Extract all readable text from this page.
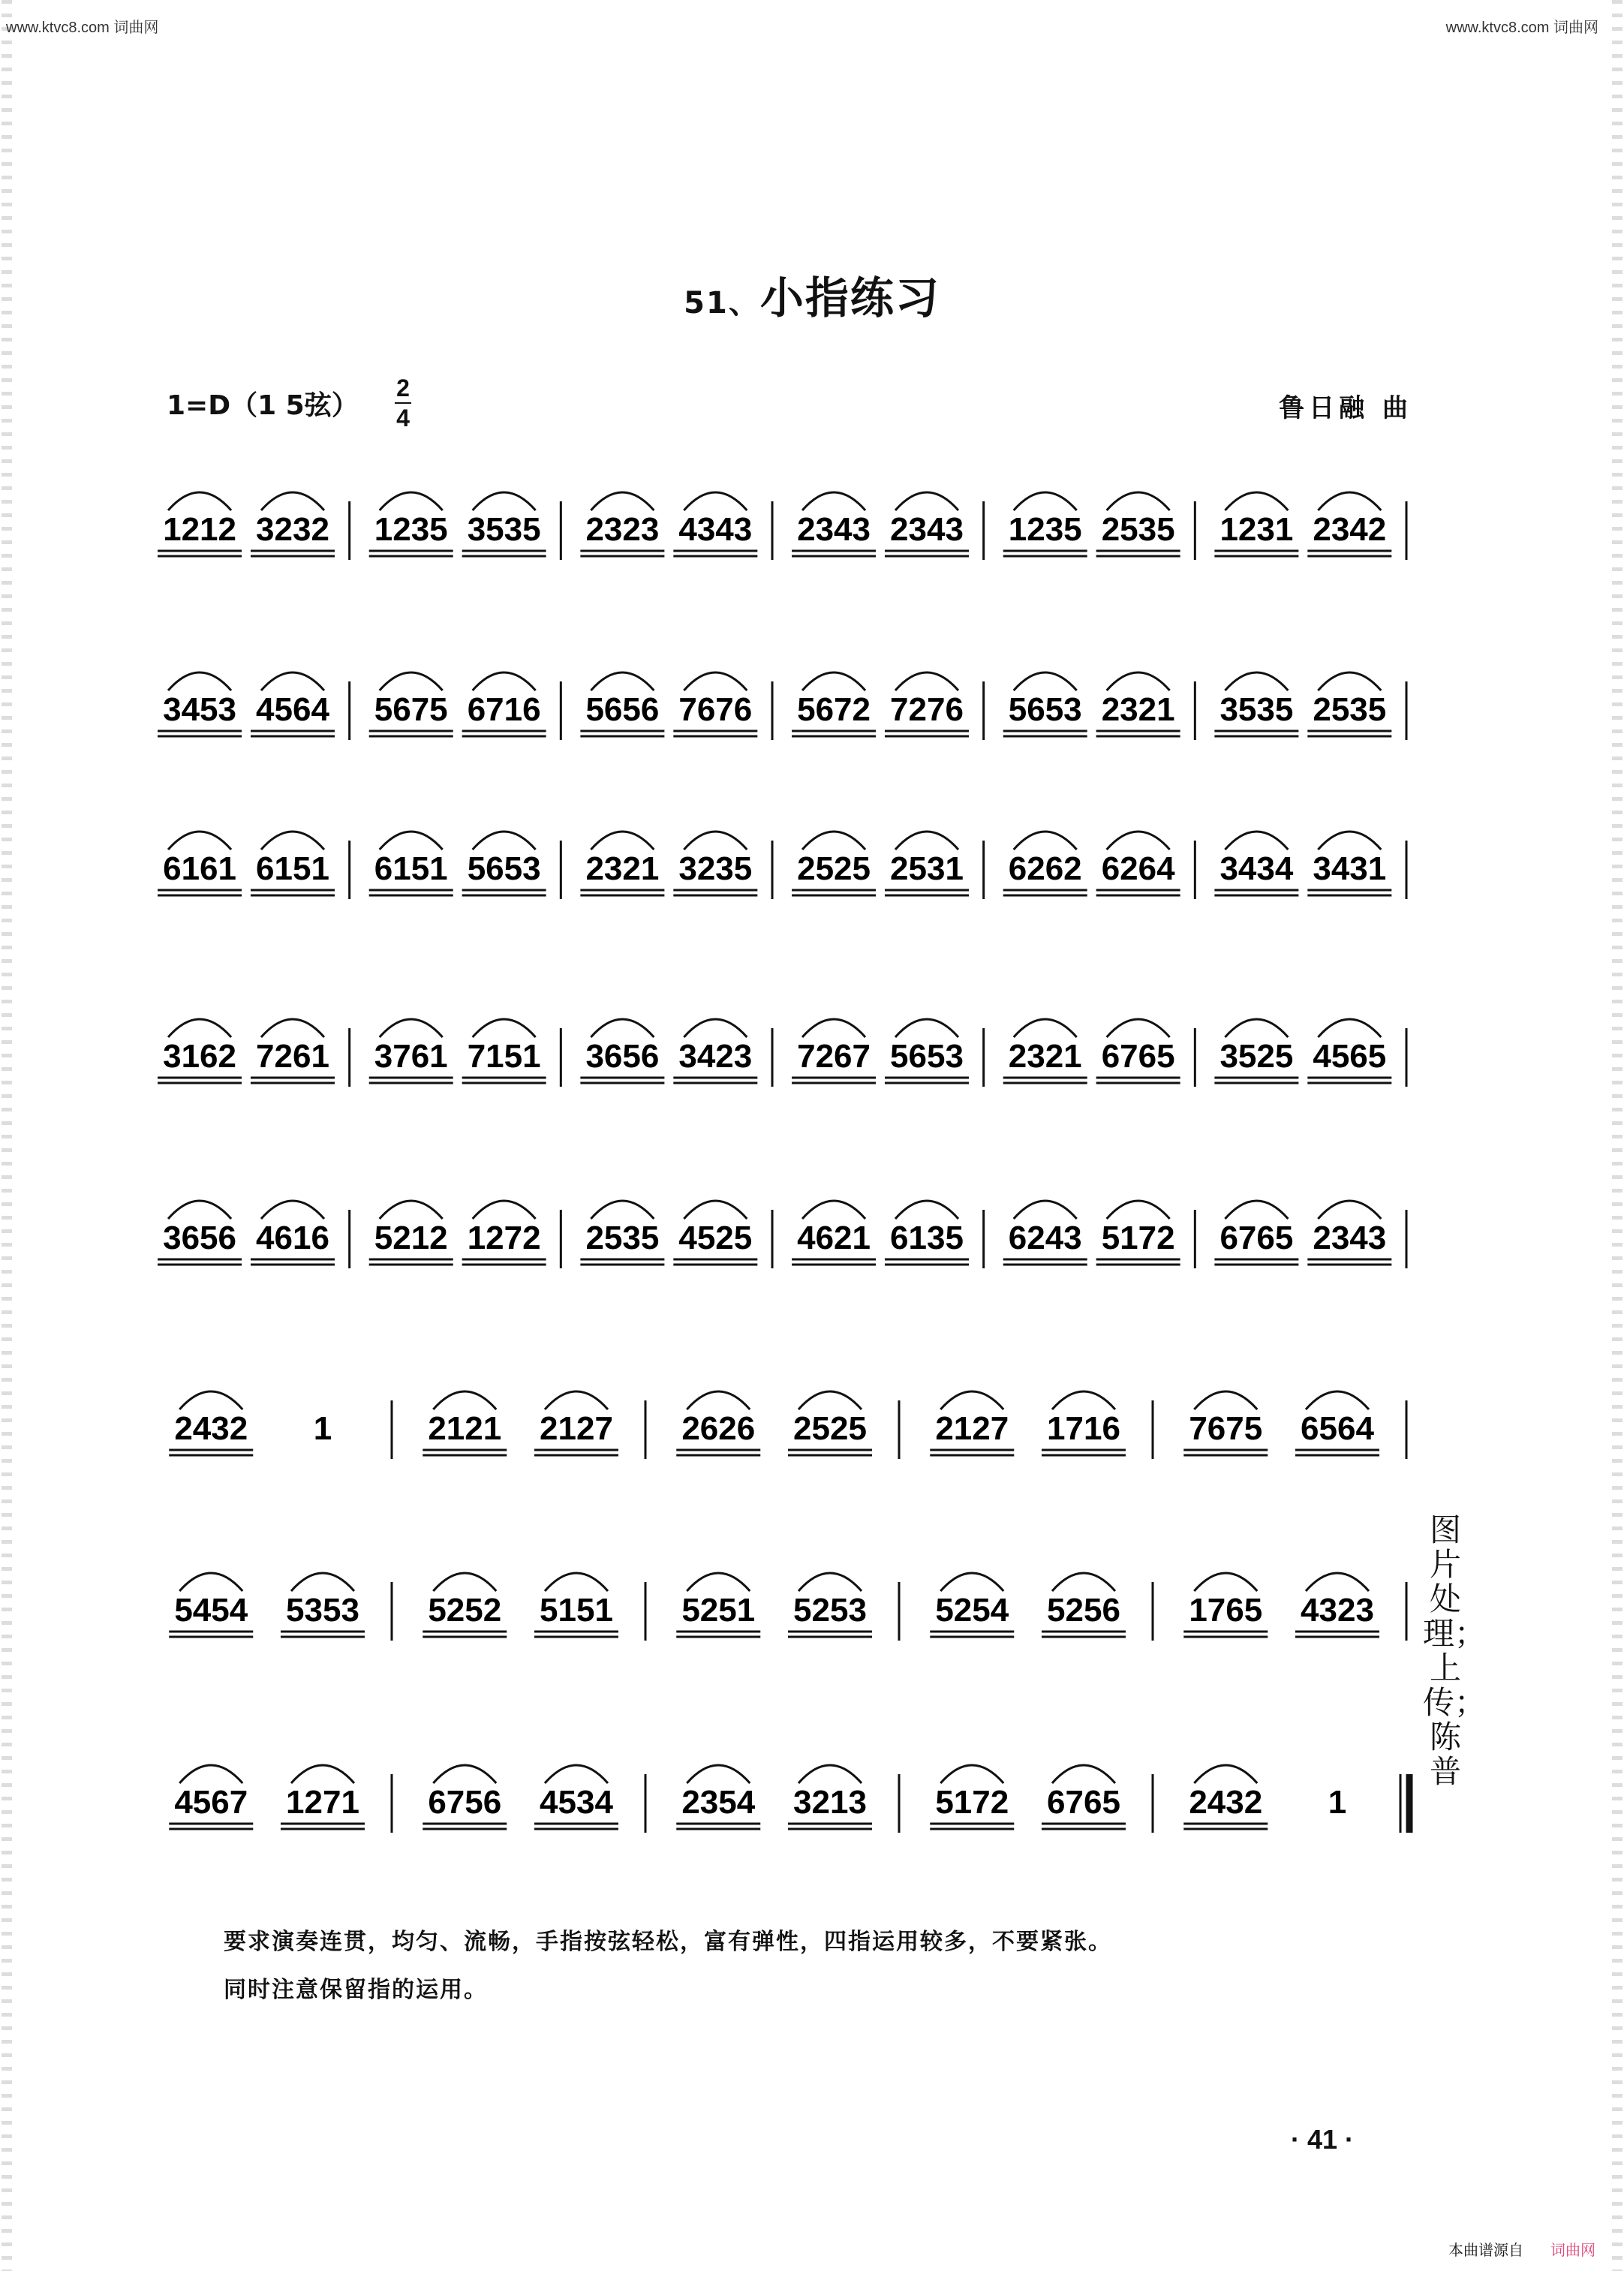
www.ktvc8.com 词曲网	www.ktvc8.com 词曲网
51、小指练习
1=D（1 5弦）
2
4	鲁日融 曲
1212 3232 1235 3535 2323 4343 2343 2343 1235 2535 1231 2342
3453 4564 5675 6716 5656 7676 5672 7276 5653 2321 3535 2535
6161 6151 6151 5653 2321 3235 2525 2531 6262 6264 3434 3431
3162 7261 3761 7151 3656 3423 7267 5653 2321 6765 3525 4565
3656 4616 5212 1272 2535 4525 4621 6135 6243 5172 6765 2343
2432 1	2121 2127 2626 2525 2127 1716 7675 6564
5454 5353 5252 5151 5251 5253 5254 5256 1765 4323
4567 1271 6756 4534 2354 3213 5172 6765 2432 1
图片处理；上传；陈普
要求演奏连贯，均匀、流畅，手指按弦轻松，富有弹性，四指运用较多，不要紧张。
同时注意保留指的运用。
· 41 ·
本曲谱源自 词曲网
